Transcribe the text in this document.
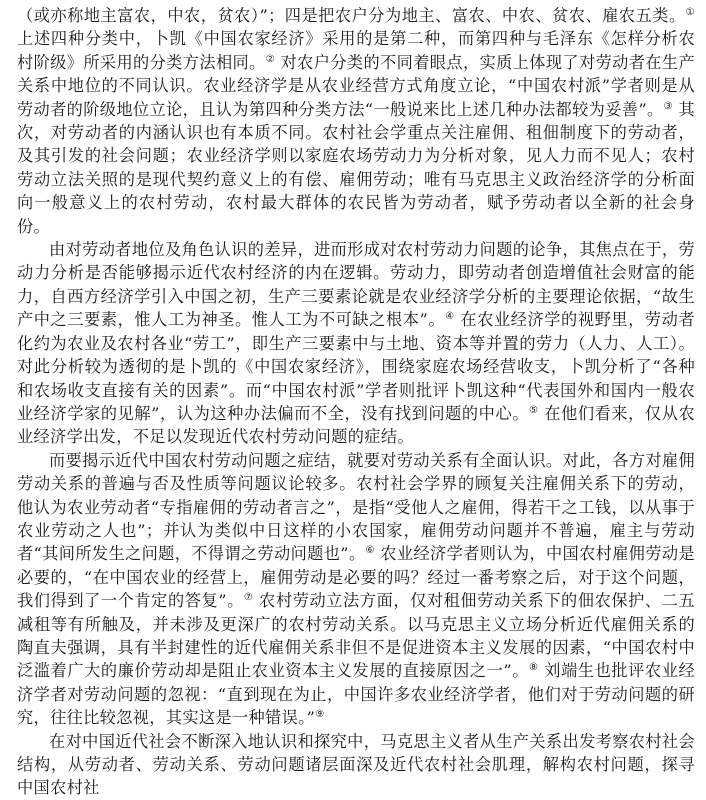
（或亦称地主富农，中农，贫农）”；四是把农户分为地主、富农、中农、贫农、雇农五类。① 上述四种分类中，卜凯《中国农家经济》采用的是第二种，而第四种与毛泽东《怎样分析农村阶级》所采用的分类方法相同。② 对农户分类的不同着眼点，实质上体现了对劳动者在生产关系中地位的不同认识。农业经济学是从农业经营方式角度立论，“中国农村派”学者则是从劳动者的阶级地位立论，且认为第四种分类方法“一般说来比上述几种办法都较为妥善”。③ 其次，对劳动者的内涵认识也有本质不同。农村社会学重点关注雇佣、租佃制度下的劳动者，及其引发的社会问题；农业经济学则以家庭农场劳动力为分析对象，见人力而不见人；农村劳动立法关照的是现代契约意义上的有偿、雇佣劳动；唯有马克思主义政治经济学的分析面向一般意义上的农村劳动，农村最大群体的农民皆为劳动者，赋予劳动者以全新的社会身份。

由对劳动者地位及角色认识的差异，进而形成对农村劳动力问题的论争，其焦点在于，劳动力分析是否能够揭示近代农村经济的内在逻辑。劳动力，即劳动者创造增值社会财富的能力，自西方经济学引入中国之初，生产三要素论就是农业经济学分析的主要理论依据，“故生产中之三要素，惟人工为神圣。惟人工为不可缺之根本”。④ 在农业经济学的视野里，劳动者化约为农业及农村各业“劳工”，即生产三要素中与土地、资本等并置的劳力（人力、人工）。对此分析较为透彻的是卜凯的《中国农家经济》，围绕家庭农场经营收支，卜凯分析了“各种和农场收支直接有关的因素”。而“中国农村派”学者则批评卜凯这种“代表国外和国内一般农业经济学家的见解”，认为这种办法偏而不全，没有找到问题的中心。⑤ 在他们看来，仅从农业经济学出发，不足以发现近代农村劳动问题的症结。

而要揭示近代中国农村劳动问题之症结，就要对劳动关系有全面认识。对此，各方对雇佣劳动关系的普遍与否及性质等问题议论较多。农村社会学界的顾复关注雇佣关系下的劳动，他认为农业劳动者“专指雇佣的劳动者言之”，是指“受他人之雇佣，得若干之工钱，以从事于农业劳动之人也”；并认为类似中日这样的小农国家，雇佣劳动问题并不普遍，雇主与劳动者“其间所发生之问题，不得谓之劳动问题也”。⑥ 农业经济学者则认为，中国农村雇佣劳动是必要的，“在中国农业的经营上，雇佣劳动是必要的吗？经过一番考察之后，对于这个问题，我们得到了一个肯定的答复”。⑦ 农村劳动立法方面，仅对租佃劳动关系下的佃农保护、二五减租等有所触及，并未涉及更深广的农村劳动关系。以马克思主义立场分析近代雇佣关系的陶直夫强调，具有半封建性的近代雇佣关系非但不是促进资本主义发展的因素，“中国农村中泛滥着广大的廉价劳动却是阻止农业资本主义发展的直接原因之一”。⑧ 刘端生也批评农业经济学者对劳动问题的忽视：“直到现在为止，中国许多农业经济学者，他们对于劳动问题的研究，往往比较忽视，其实这是一种错误。”⑨

在对中国近代社会不断深入地认识和探究中，马克思主义者从生产关系出发考察农村社会结构，从劳动者、劳动关系、劳动问题诸层面深及近代农村社会肌理，解构农村问题，探寻中国农村社
